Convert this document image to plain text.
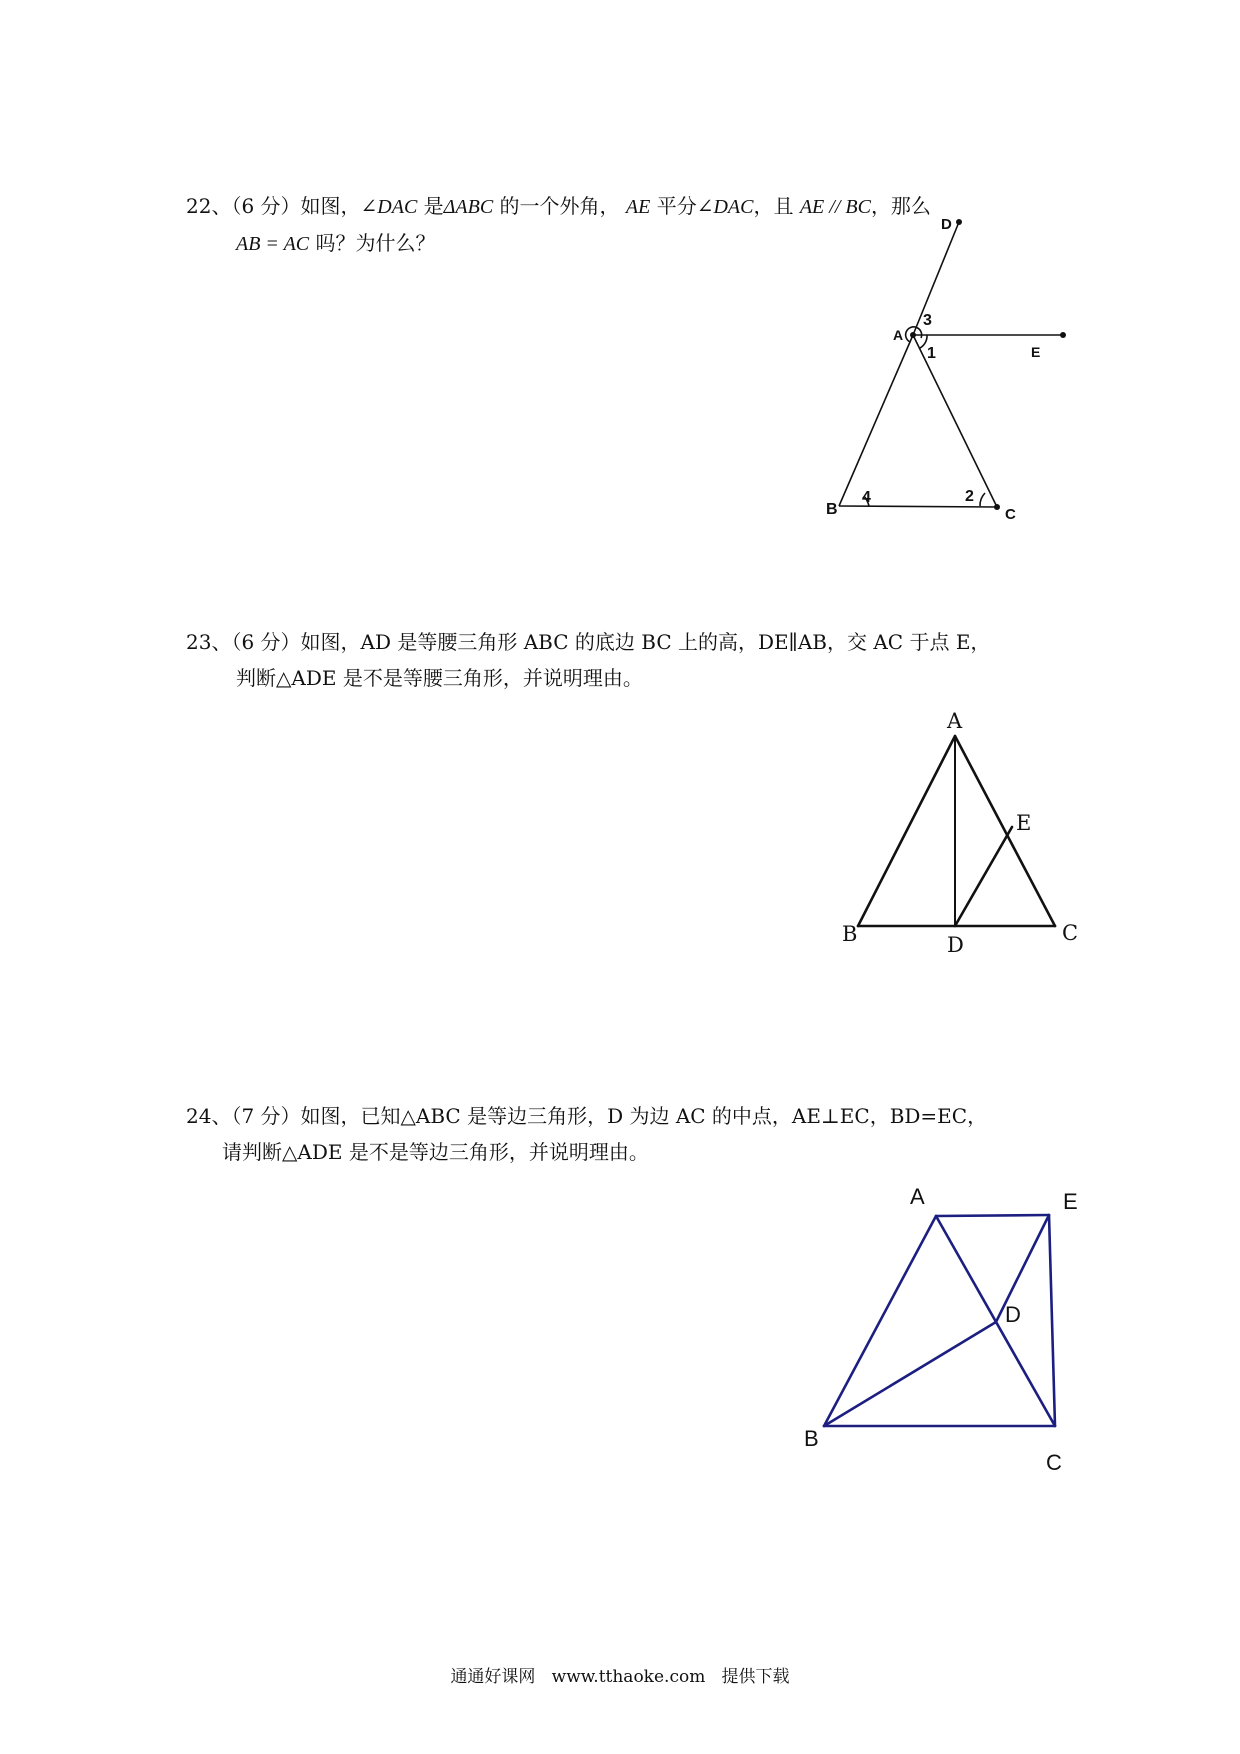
22、（6 分）如图，∠DAC 是ΔABC 的一个外角， AE 平分∠DAC，且 AE // BC，那么
AB = AC 吗？为什么？
D
A
E
B	C
3
1
4	2
23、（6 分）如图，AD 是等腰三角形 ABC 的底边 BC 上的高，DE∥AB，交 AC 于点 E，
判断△ADE 是不是等腰三角形，并说明理由。
A
E
B	C
D
24、（7 分）如图，已知△ABC 是等边三角形，D 为边 AC 的中点，AE⊥EC，BD=EC，
请判断△ADE 是不是等边三角形，并说明理由。
A	E
D
B
C
通通好课网 www.tthaoke.com 提供下载
